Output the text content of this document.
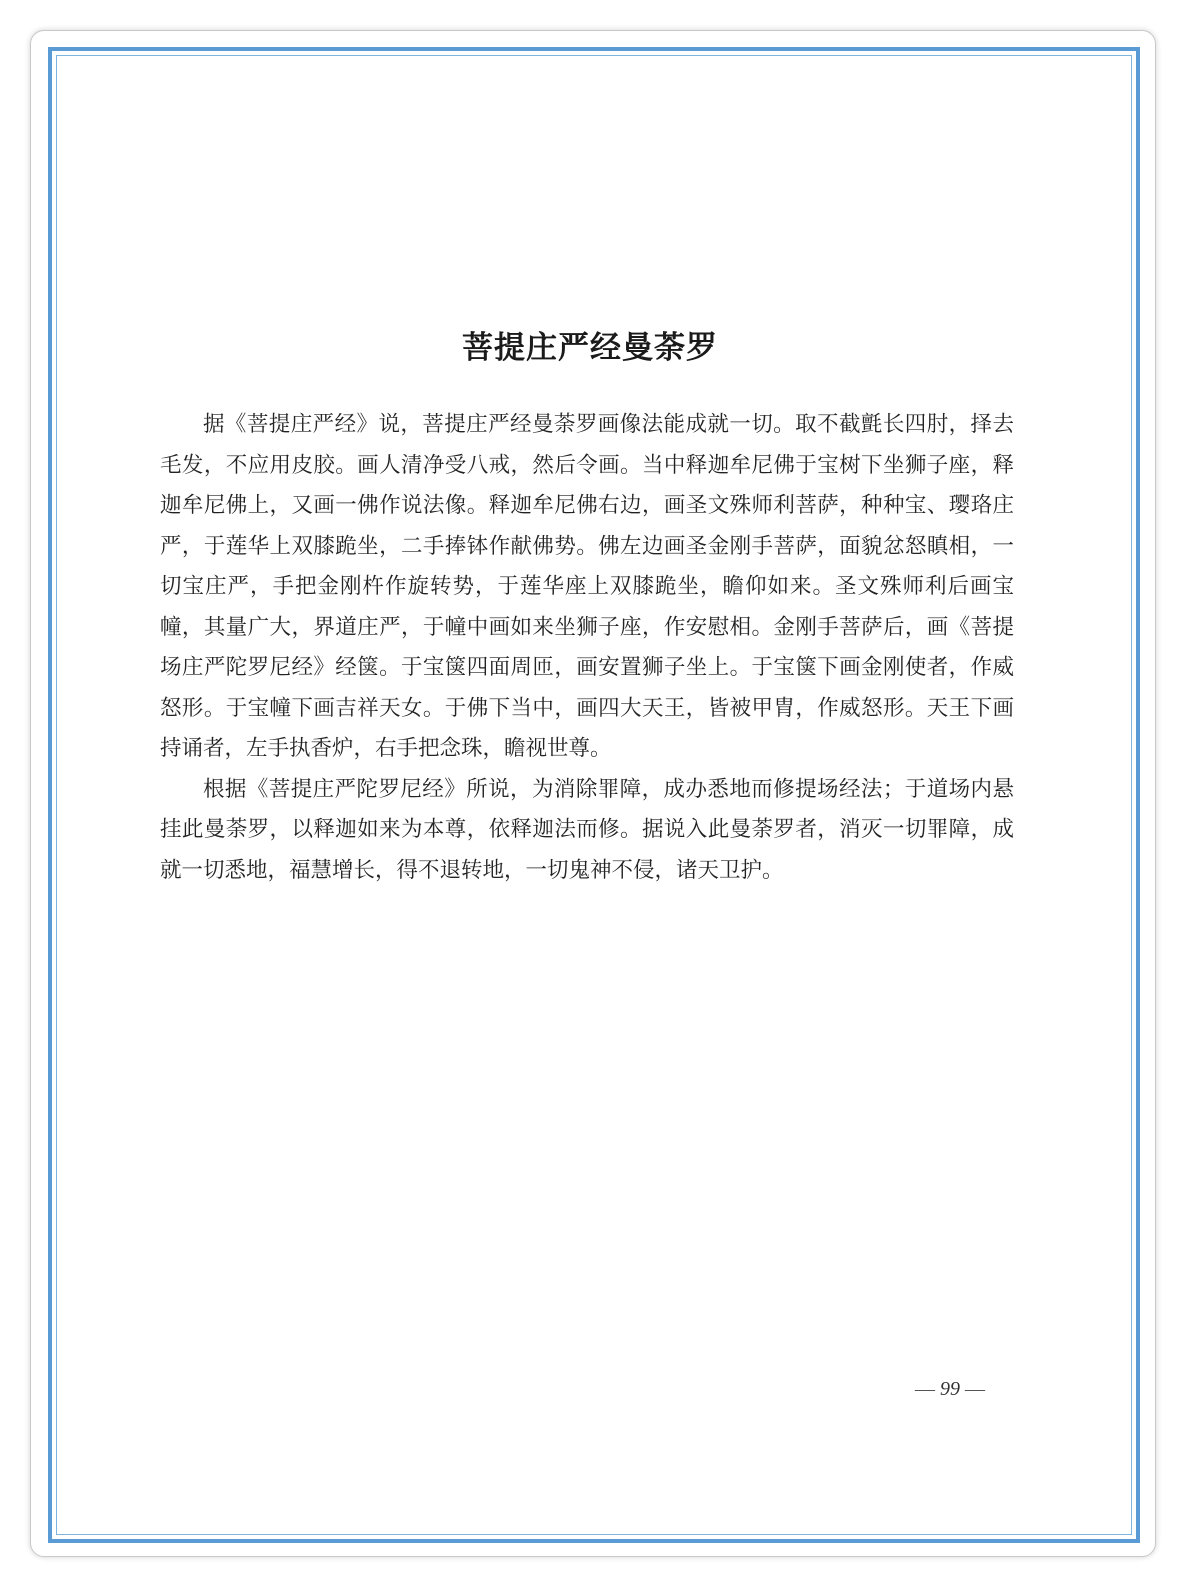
菩提庄严经曼荼罗

据《菩提庄严经》说，菩提庄严经曼荼罗画像法能成就一切。取不截氈长四肘，择去毛发，不应用皮胶。画人清净受八戒，然后令画。当中释迦牟尼佛于宝树下坐狮子座，释迦牟尼佛上，又画一佛作说法像。释迦牟尼佛右边，画圣文殊师利菩萨，种种宝、璎珞庄严，于莲华上双膝跪坐，二手捧钵作献佛势。佛左边画圣金刚手菩萨，面貌忿怒瞋相，一切宝庄严，手把金刚杵作旋转势，于莲华座上双膝跪坐，瞻仰如来。圣文殊师利后画宝幢，其量广大，界道庄严，于幢中画如来坐狮子座，作安慰相。金刚手菩萨后，画《菩提场庄严陀罗尼经》经箧。于宝箧四面周匝，画安置狮子坐上。于宝箧下画金刚使者，作威怒形。于宝幢下画吉祥天女。于佛下当中，画四大天王，皆被甲胄，作威怒形。天王下画持诵者，左手执香炉，右手把念珠，瞻视世尊。

根据《菩提庄严陀罗尼经》所说，为消除罪障，成办悉地而修提场经法；于道场内悬挂此曼荼罗，以释迦如来为本尊，依释迦法而修。据说入此曼荼罗者，消灭一切罪障，成就一切悉地，福慧增长，得不退转地，一切鬼神不侵，诸天卫护。

— 99 —
